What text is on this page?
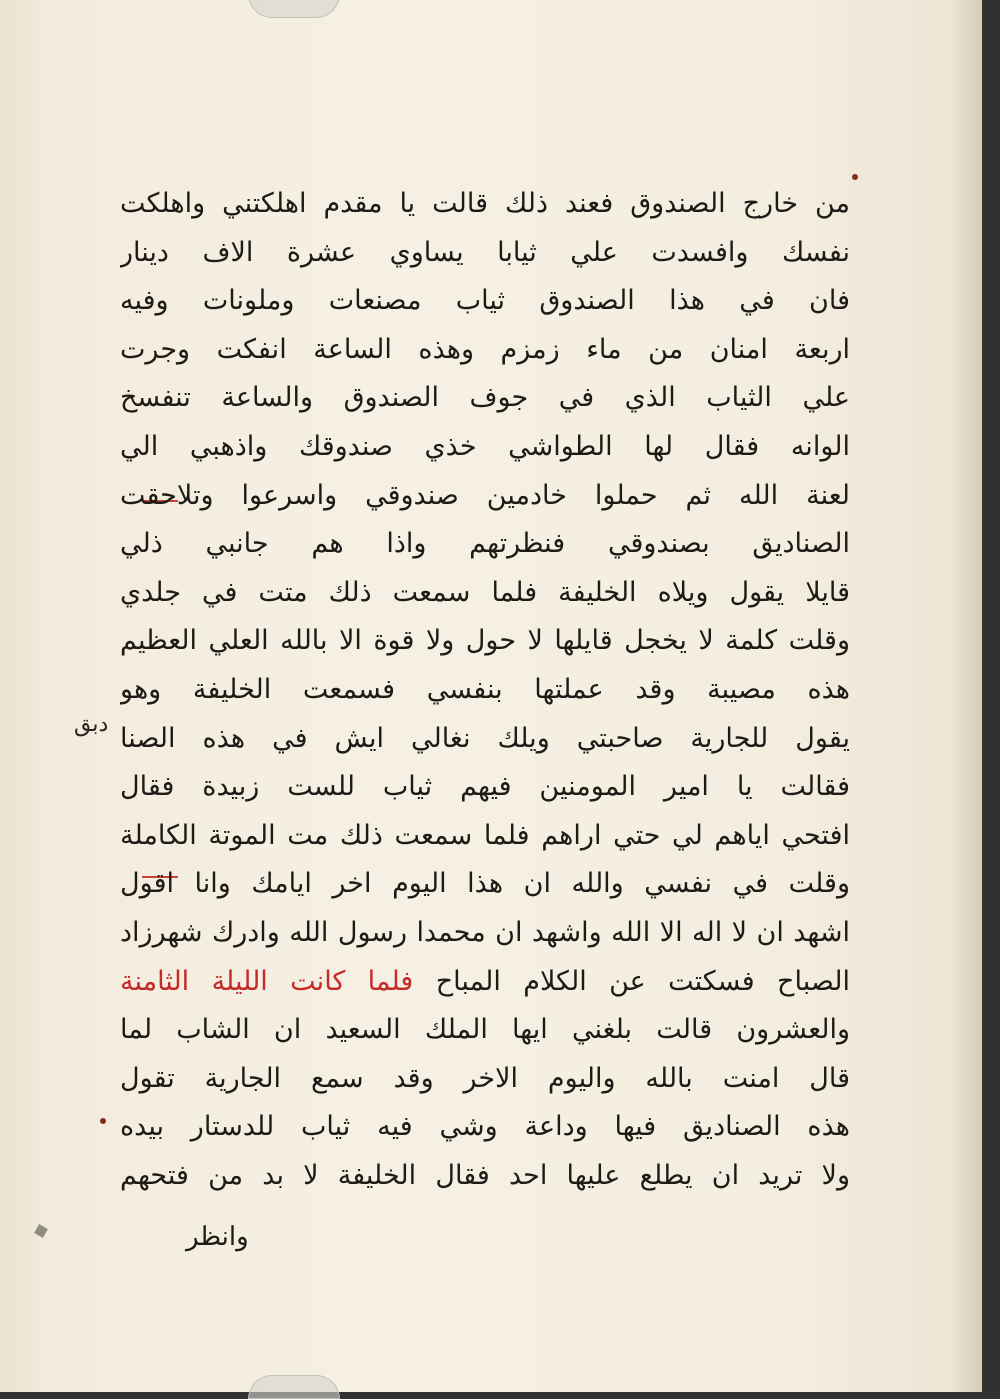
دبق
من خارج الصندوق فعند ذلك قالت يا مقدم اهلكتني واهلكت
نفسك وافسدت علي ثيابا يساوي عشرة الاف دينار
فان في هذا الصندوق ثياب مصنعات وملونات وفيه
اربعة امنان من ماء زمزم وهذه الساعة انفكت وجرت
علي الثياب الذي في جوف الصندوق والساعة تنفسخ
الوانه فقال لها الطواشي خذي صندوقك واذهبي الي
لعنة الله ثم حملوا خادمين صندوقي واسرعوا وتلاحقت
الصناديق بصندوقي فنظرتهم واذا هم جانبي ذلي
قايلا يقول ويلاه الخليفة فلما سمعت ذلك متت في جلدي
وقلت كلمة لا يخجل قايلها لا حول ولا قوة الا بالله العلي العظيم
هذه مصيبة وقد عملتها بنفسي فسمعت الخليفة وهو
يقول للجارية صاحبتي ويلك نغالي ايش في هذه الصنا
فقالت يا امير المومنين فيهم ثياب للست زبيدة فقال
افتحي اياهم لي حتي اراهم فلما سمعت ذلك مت الموتة الكاملة
وقلت في نفسي والله ان هذا اليوم اخر ايامك وانا اقول
اشهد ان لا اله الا الله واشهد ان محمدا رسول الله وادرك شهرزاد
الصباح فسكتت عن الكلام المباح فلما كانت الليلة الثامنة
والعشرون قالت بلغني ايها الملك السعيد ان الشاب لما
قال امنت بالله واليوم الاخر وقد سمع الجارية تقول
هذه الصناديق فيها وداعة وشي فيه ثياب للدستار بيده
ولا تريد ان يطلع عليها احد فقال الخليفة لا بد من فتحهم
وانظر
